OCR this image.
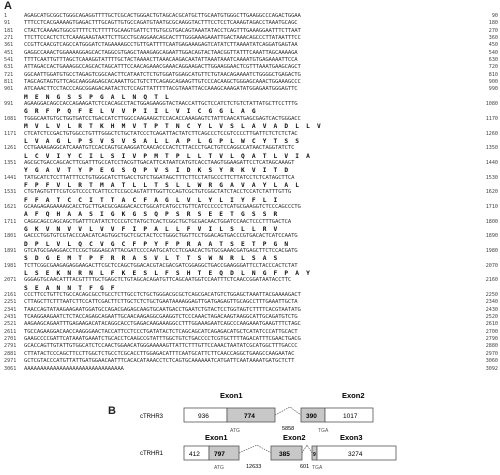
A
1	AGAGCATGCGGCTGGGCAGAGGTTTTGCTCGCACTGGGACTGTAGCACGCATGCTTGCAATGTGGGCTTGAAGGCCCAGACTGGAA	90
91 TTTCCTCACGAAAAGTGAGACTTTGCAGTTGTGCCAGATGTAATGCGCAAGGTACTTTCCTCCTCAAAGTAGACCTAAATGCAGC	180
181 CTACTCAAAAGTGGCGTTTTCTCTTTTTGCAAGTGATTCTTGTGCGTGACAGTAAATATACCTCAGTTTGAAAGGAATTTCTTAAT	270
271 TTCTTCCACTCTCTCAAAGAAGTAATTCTTGCCTGCAGGAACAGCACTTTGGGAAAGAAATTGACTAAACAGCCCTTATAATTTCC	360
361 CCGTTCAACGTCAGCCATGGGATCTAGAAAAGCCTGTTGATTTTCAATGAGAAAGAGTCATATCTTAAAATATCAGGATGAGTAA	450
451 GAGGCCAAACTGGAAAAGGAGCACTAGGCGTGAGCTAAAGAGCAGAATTGGACAGTACTAACGGTTATTTCAAATTAGCAAAAGA	540
541 TTTTCAATTGTTTAGCTCAAAGGTATTTTGCTACTAAAACTTAAACAAGACAATATTAAATAAATCAAAATGTGAGAAAATTCCA	630
631 ATTAGACCACTGAAAGGCCAGCACTAGCATTTCCAACAGAAACGAAACAGGAAGACTTGGAAGGAACTCGTTTAAATGAAGCAGCT	720
721 GGCAATTGGATGTGCCTAGAGTCGGCAACTTCATAATCTCTGTGGATGGAGCATGTTCTGTAACAGAAAATCTGGGGCTGAGACTG	810
811 TAGCAGTAGTGTTCAGCAAGGAGAGCACAAATTGCTGTCTTCAGAGCAGAAGTTGTCCCACAAGCTGGGAGCAAACTGGAAAGCCC	900
901 ATCAAACTTCCTACCCAGCGGAGACAATACTCTCCAGTTATTTTTACGTAAATTACCAAAGCAAAGATATGGAGAATGGGAGTTC	990
M E N G S S P G A L N Q T L
991 AGAAGGACAGCCACCAGAAGATCTCCACAGCCTACTGGAGAAGGTACTAACCATTGCTCCATCTCTGTCTATTATGCTTCCTTTG	1080
G R F P Q F E L V V P I I L V I C G G L A G
1081 TGGGCAATGTGCTGGTGATCCTGACCATCTTGGCCAAGAAGCTCCACACCAAAGAGTCTATTCAACATGAGCGAGTCACTGGGACC	1170
M V L V L R T K H M V T P T N C Y L V S L A V A D L L V
1171 CTCATCTCCGACTGTGGCCTGTTTGGGCTCTGCTATCCCTCAGATTACTATCTTCAGCCCTCCGTCCCCTTGATTCTCTCTCTAC	1260
L V A G L P S V S V S A L L A P L G P L W C Y T S S
1261 CCTGAAAGAGGCATCAAATGTCCACCAGTGCAAGGATCAACACCCACTCTTACCCTGACTGTCCAGGCCATAACTAGGTATCTC	1350
L C V I Y C I L S I V P M T P L L T V L Q A T L V I A
1351 AGCGCTGACCAGCACTTCGATTTGCCATCCTACGTTGACATTCATAATCATGTCACCTAAGTGGAAGATTCCTCATAGCAAAGT	1440
Y G A V T Y P E G S Q P V S I D K S Y R K V I T D
1441 TATGCATCTCCTTATTTCCTGTGGGCATCTTGACCTGTCTGGATAGCTTTCTTCCTATGCCCTTCTTATCCTCTCATAGCTTCA	1530
F P F V L R T M A T L L T S L L W R G A V A Y L A L
1531 CTGTAGTGTTTCGTCGTCCCCTCATTCCTCCGCCAGTATTTGGTTCCAGTCGCTGTCGGCTATCTACCTCCATCTATTTGTTG	1620
F F A T C C I T T A C F A G L V L Y L I Y F L I
1621 GCAAGAGAGAAAAGCACCTGCTTGACGCGAGGACACCTGGCATCATGCCTGTTCATCCCCCCTCATGCGAAGGTCTCCCAGCCCTG	1710
A F Q H A A S I G K G S Q P S R S E E T G S S R
1711 CAGGCAGCCAGCAGCTGATTTCATATCTCCCGTCTATGCTCACTCGGCTGCTGCGACAACTGGATCCAACTCCCTTTGACTCA	1800
G K V N V V L V V F I P A L L F V I L S L L R V
1801 GACCCTGGTGTCGTACCCAACATCAGTGGCTGCTCGCTACTCCTGGGCTGGTTCCTGGACAGTGACCCGTGACACTCATCCAATG	1890
D P L V L Q C V G C F P Y F P R A A T S E T P G N
1891 GTCATGCGAAGGACCTCCGCTGGGAGCATTACGATCCCCAATGCATCCTCGAACACTGTGCGAAACGATGAGCTTCTCCACGATG	1980
S D G E M T P F R R A S V L T T S W N R L S A S
1981 TCTTCGGCGAAGAGAGGAAGACTTCGCTCCAGCTGGACACGTACGACGATCGGAGGCTGACCGAAGGGATTCCTACCCACTCTAT	2070
L S E K N R N L F K E S L F S H T E Q D L N G F P A Y
2071 GGGAGTGCAACATTTACGTTTTGCTGAGCTCTGTAGCACAGATGTTCAGCAATGGTCCAATTTCTCAACCGGATAATACCTTC	2160
S E A N N T F G F
2161 CCCTTCCTGTTCTGCCACAGCGCCTGCCTCTTGCCTCTGCTGGGACGCGCTCAGCGACATGTCTGGAGCTAAATTACGAAAAGACT	2250
2251 CTTAGCTTCTTTAATCTTCCATTCGACTTCTTGCTCTCTGCTGAATAAAAGGAGTTGATGAGAGTTGCAGCCTTTGAAATTGCTA	2340
2341 TAACCAGTATAAGAAGAATGGATGCCAGACGAGAGCAAGTGCAATGACCTGAATCTGTACTCCTGGTAGTCTTTTCACGTAATATG	2430
2431 TCAAGGAAGAATCTCTACCAGAGCAGAATTGCAACAAGAGGCGAAGGTCTCCCAAACTAGACAAGTAAGGCATTGCAGATGTCTG	2520
2521 AAGAAGCAGAATTTGAGAAGACATACAGGCACCTGAGACAAGAAAGGCCTTTGGAAAGAATCAGCCCAAGAAATGAAGTTTCTAGC	2610
2611 TGCCAGAAGGACAACCAAGGGAACTACCATTCCTCCCTGATATACTCTCAGCAGCATCAGAGACATGCTCATATCCCATTGCACT	2700
2701 GAAGCCCCGATTCATAAATGAAATCTGCACCTCAAGCCGTATTTGGCTGTCTGACCCCTCGTGCTTTTAGACATTTCGAACTGACG	2790
2791 GCACCAGTTGTATTGTGGCATCTCCAACTGGAACATGGGAAAAAGTTATTCTTTGTTCCAAACTAATATCGCATGGCTTTGACCC	2880
2881 CTTATACTCCCAGCTTCCTTGGCTCTGCCTCGCACCTTGGAGACATTTCAATGCATTCTTCAACCAGGCTGAAGCCAAGAATAC	2970
2971 GCTCGTACCCATGTTATTGATGGAACAATTTCACACATAAACCTCTCAGTGCAAAAAATCATGATTCAATAAAATGATGCTCTT	3060
3061 AAAAAAAAAAAAAAAAAAAAAAAAAAAAAAA	3092
B	cTRHR3
Exon1	Exon2
936	774
5858
390	1017
ATG	TGA
cTRHR1
Exon1	Exon2	Exon3
412 797
12633
385
601
9	3274
ATG	TGA
